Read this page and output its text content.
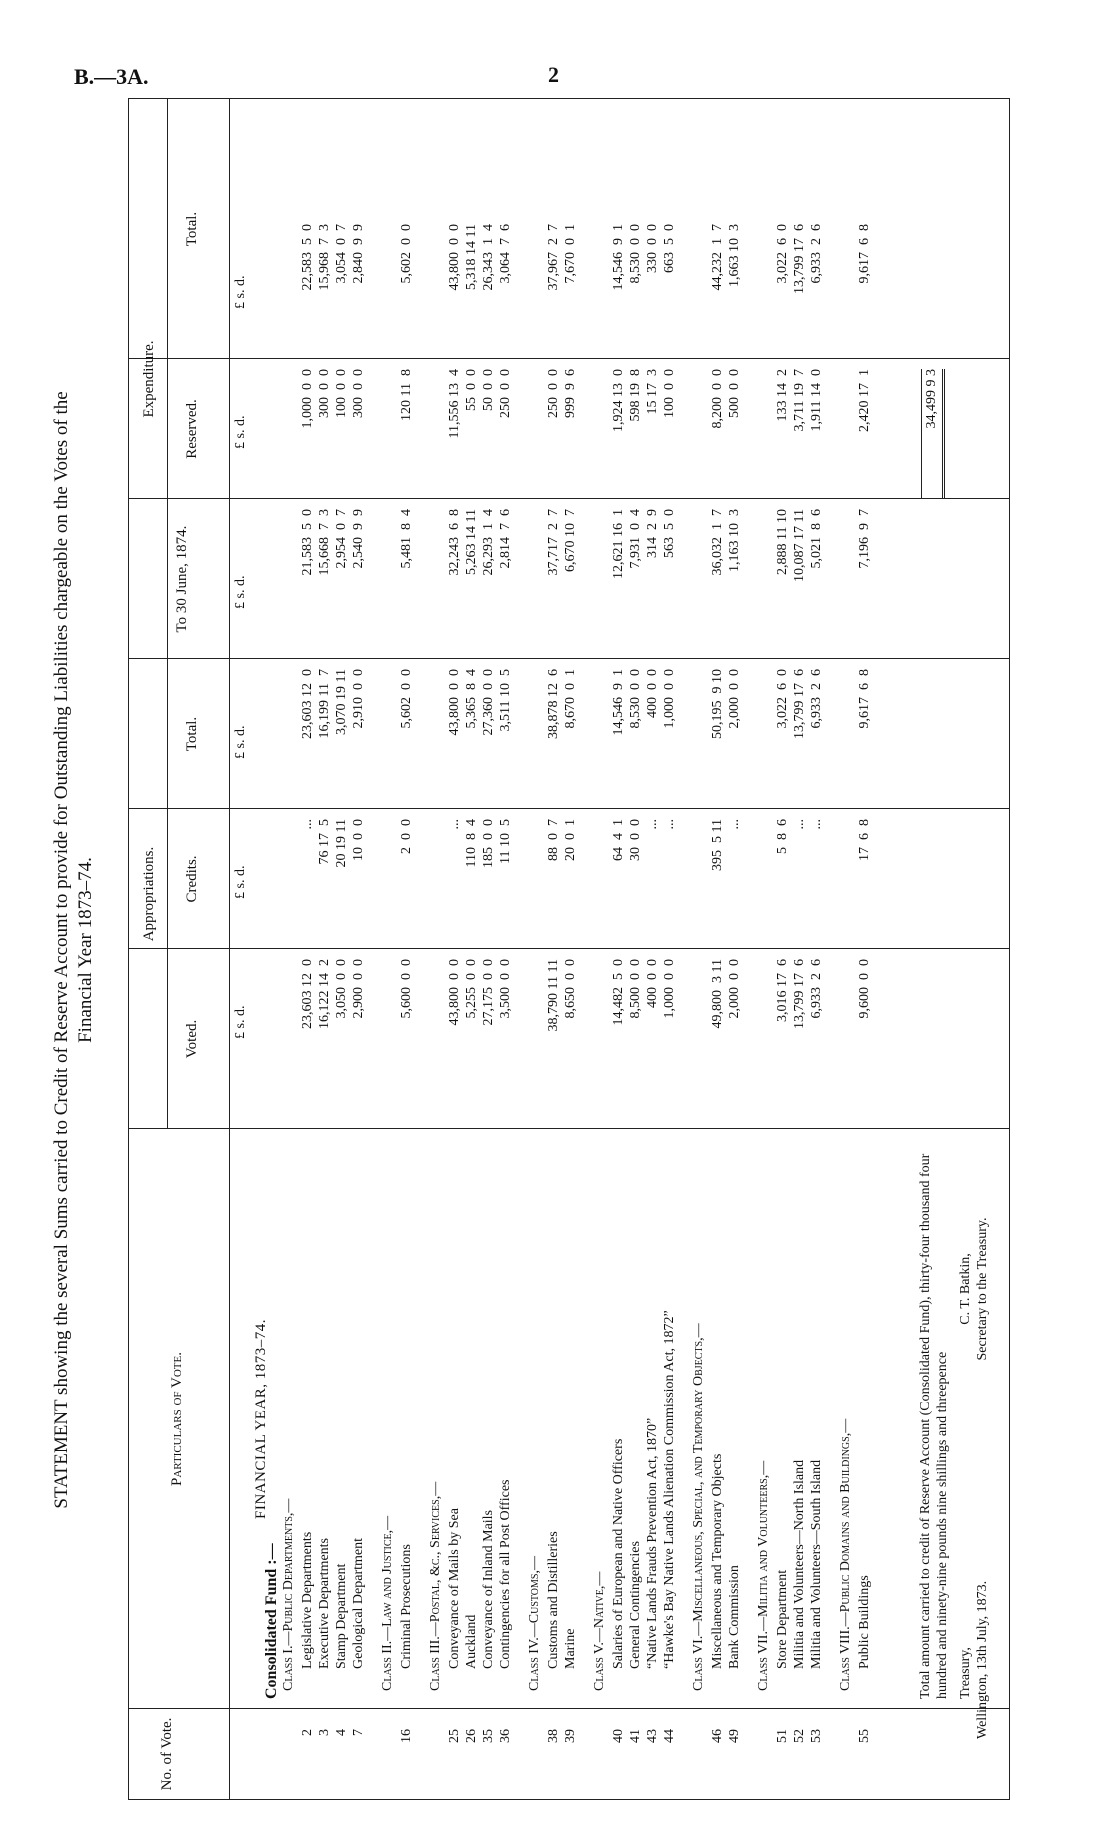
B.—3A.	2
STATEMENT showing the several Sums carried to Credit of Reserve Account to provide for Outstanding Liabilities chargeable on the Votes of the Financial Year 1873–74.
No. of Vote.
Particulars of Vote.
Appropriations.
Expenditure.
Voted.
Credits.
Total.
To 30 June, 1874.
Reserved.
Total.
£ s. d.
£ s. d.
£ s. d.
£ s. d.
£ s. d.
£ s. d.
FINANCIAL YEAR, 1873–74.
Consolidated Fund :— Class I.—Public Departments,—
2
Legislative Departments
23,603 12  0
...
23,603 12  0
21,583  5  0
1,000  0  0
22,583  5  0
3
Executive Departments
16,122 14  2
76 17  5
16,199 11  7
15,668  7  3
300  0  0
15,968  7  3
4
Stamp Department
3,050  0  0
20 19 11
3,070 19 11
2,954  0  7
100  0  0
3,054  0  7
7
Geological Department
2,900  0  0
10  0  0
2,910  0  0
2,540  9  9
300  0  0
2,840  9  9
Class II.—Law and Justice,—
16
Criminal Prosecutions
5,600  0  0
2  0  0
5,602  0  0
5,481  8  4
120 11  8
5,602  0  0
Class III.—Postal, &c., Services,—
25
Conveyance of Mails by Sea
43,800  0  0
...
43,800  0  0
32,243  6  8
11,556 13  4
43,800  0  0
26
Auckland
5,255  0  0
110  8  4
5,365  8  4
5,263 14 11
55  0  0
5,318 14 11
35
Conveyance of Inland Mails
27,175  0  0
185  0  0
27,360  0  0
26,293  1  4
50  0  0
26,343  1  4
36
Contingencies for all Post Offices
3,500  0  0
11 10  5
3,511 10  5
2,814  7  6
250  0  0
3,064  7  6
Class IV.—Customs,—
38
Customs and Distilleries
38,790 11 11
88  0  7
38,878 12  6
37,717  2  7
250  0  0
37,967  2  7
39
Marine
8,650  0  0
20  0  1
8,670  0  1
6,670 10  7
999  9  6
7,670  0  1
Class V.—Native,—
40
Salaries of European and Native Officers
14,482  5  0
64  4  1
14,546  9  1
12,621 16  1
1,924 13  0
14,546  9  1
41
General Contingencies
8,500  0  0
30  0  0
8,530  0  0
7,931  0  4
598 19  8
8,530  0  0
43
“Native Lands Frauds Prevention Act, 1870”
400  0  0
...
400  0  0
314  2  9
15 17  3
330  0  0
44
“Hawke's Bay Native Lands Alienation Commission Act, 1872”
1,000  0  0
...
1,000  0  0
563  5  0
100  0  0
663  5  0
Class VI.—Miscellaneous, Special, and Temporary Objects,—
46
Miscellaneous and Temporary Objects
49,800  3 11
395  5 11
50,195  9 10
36,032  1  7
8,200  0  0
44,232  1  7
49
Bank Commission
2,000  0  0
...
2,000  0  0
1,163 10  3
500  0  0
1,663 10  3
Class VII.—Militia and Volunteers,—
51
Store Department
3,016 17  6
5  8  6
3,022  6  0
2,888 11 10
133 14  2
3,022  6  0
52
Militia and Volunteers—North Island
13,799 17  6
...
13,799 17  6
10,087 17 11
3,711 19  7
13,799 17  6
53
Militia and Volunteers—South Island
6,933  2  6
...
6,933  2  6
5,021  8  6
1,911 14  0
6,933  2  6
Class VIII.—Public Domains and Buildings,—
55
Public Buildings
9,600  0  0
17  6  8
9,617  6  8
7,196  9  7
2,420 17  1
9,617  6  8
Total amount carried to credit of Reserve Account (Consolidated Fund), thirty-four thousand four hundred and ninety-nine pounds nine shillings and threepence
34,499 9 3
Treasury, Wellington, 13th July, 1873.
C. T. Batkin, Secretary to the Treasury.
